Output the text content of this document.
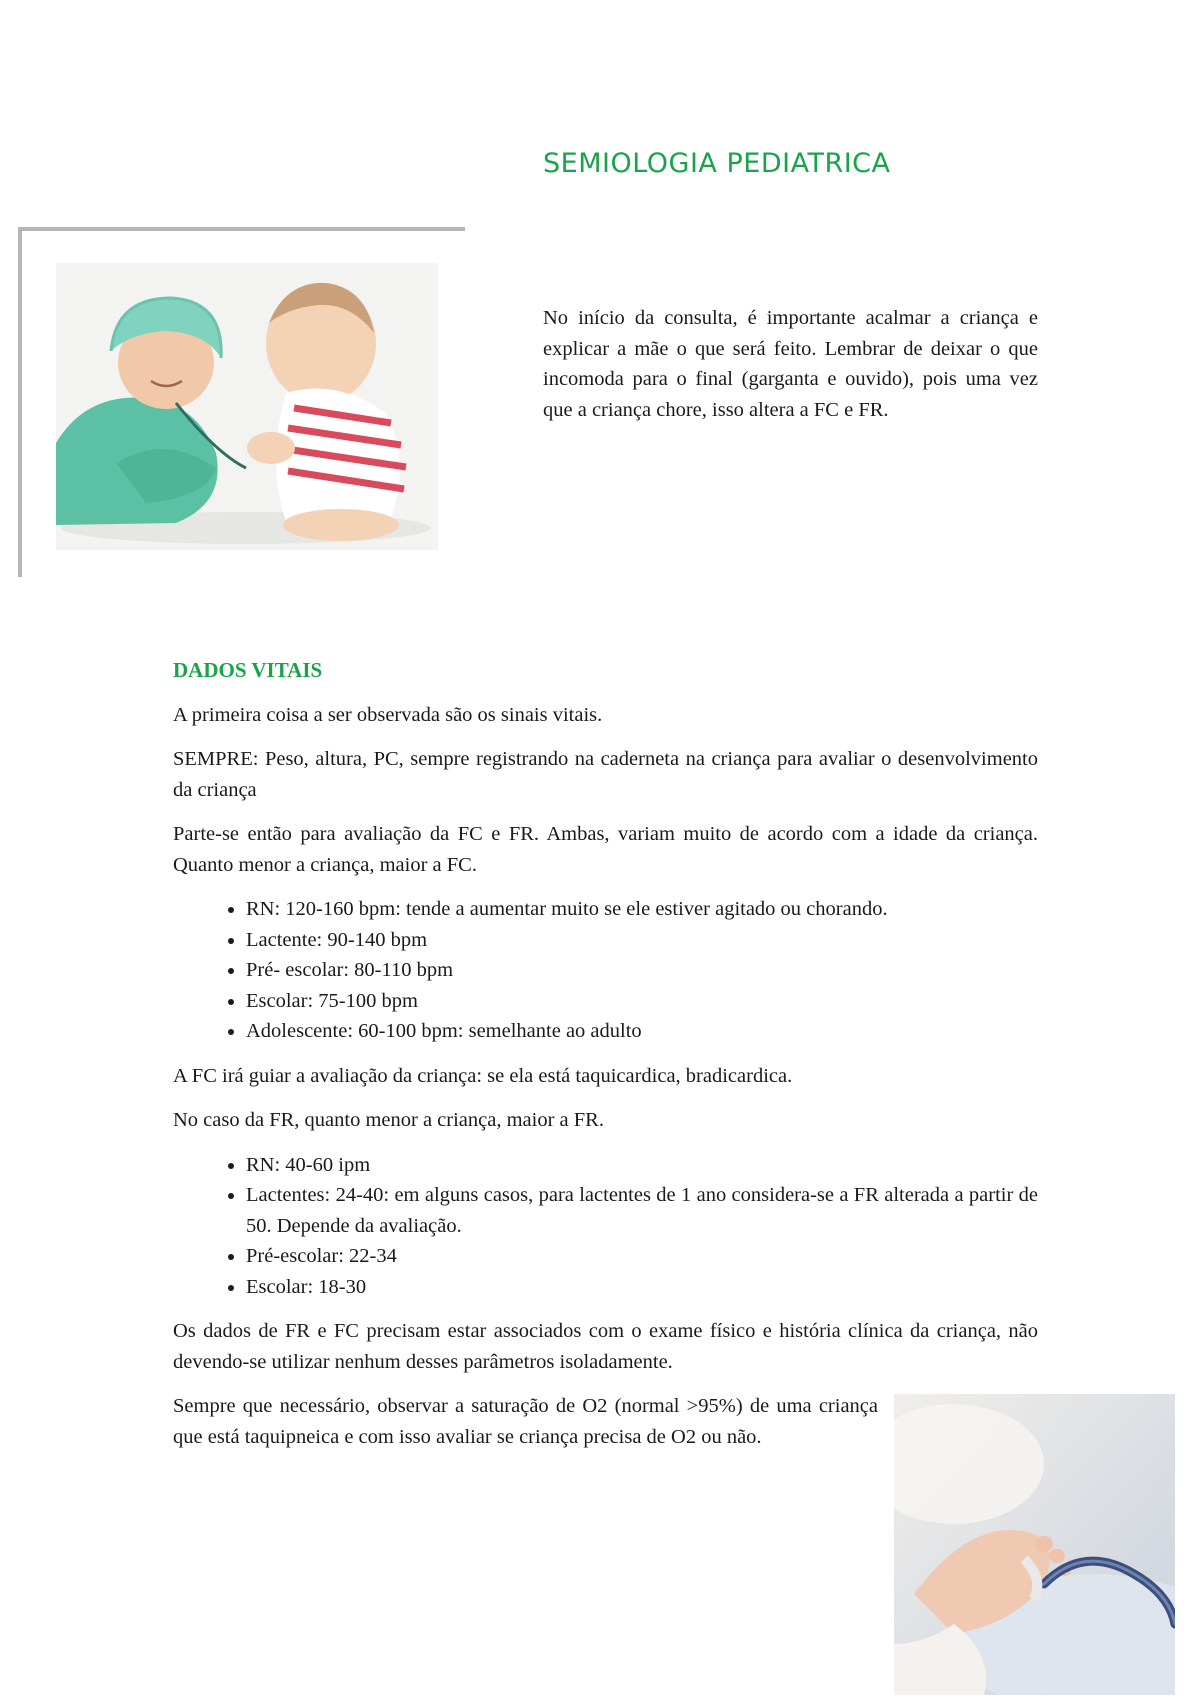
SEMIOLOGIA PEDIATRICA
No início da consulta, é importante acalmar a criança e explicar a mãe o que será feito. Lembrar de deixar o que incomoda para o final (garganta e ouvido), pois uma vez que a criança chore, isso altera a FC e FR.
DADOS VITAIS

A primeira coisa a ser observada são os sinais vitais.

SEMPRE: Peso, altura, PC, sempre registrando na caderneta na criança para avaliar o desenvolvimento da criança

Parte-se então para avaliação da FC e FR. Ambas, variam muito de acordo com a idade da criança. Quanto menor a criança, maior a FC.

• RN: 120-160 bpm: tende a aumentar muito se ele estiver agitado ou chorando.
• Lactente: 90-140 bpm
• Pré- escolar: 80-110 bpm
• Escolar: 75-100 bpm
• Adolescente: 60-100 bpm: semelhante ao adulto

A FC irá guiar a avaliação da criança: se ela está taquicardica, bradicardica.

No caso da FR, quanto menor a criança, maior a FR.

• RN: 40-60 ipm
• Lactentes: 24-40: em alguns casos, para lactentes de 1 ano considera-se a FR alterada a partir de 50. Depende da avaliação.
• Pré-escolar: 22-34
• Escolar: 18-30

Os dados de FR e FC precisam estar associados com o exame físico e história clínica da criança, não devendo-se utilizar nenhum desses parâmetros isoladamente.

Sempre que necessário, observar a saturação de O2 (normal >95%) de uma criança que está taquipneica e com isso avaliar se criança precisa de O2 ou não.
